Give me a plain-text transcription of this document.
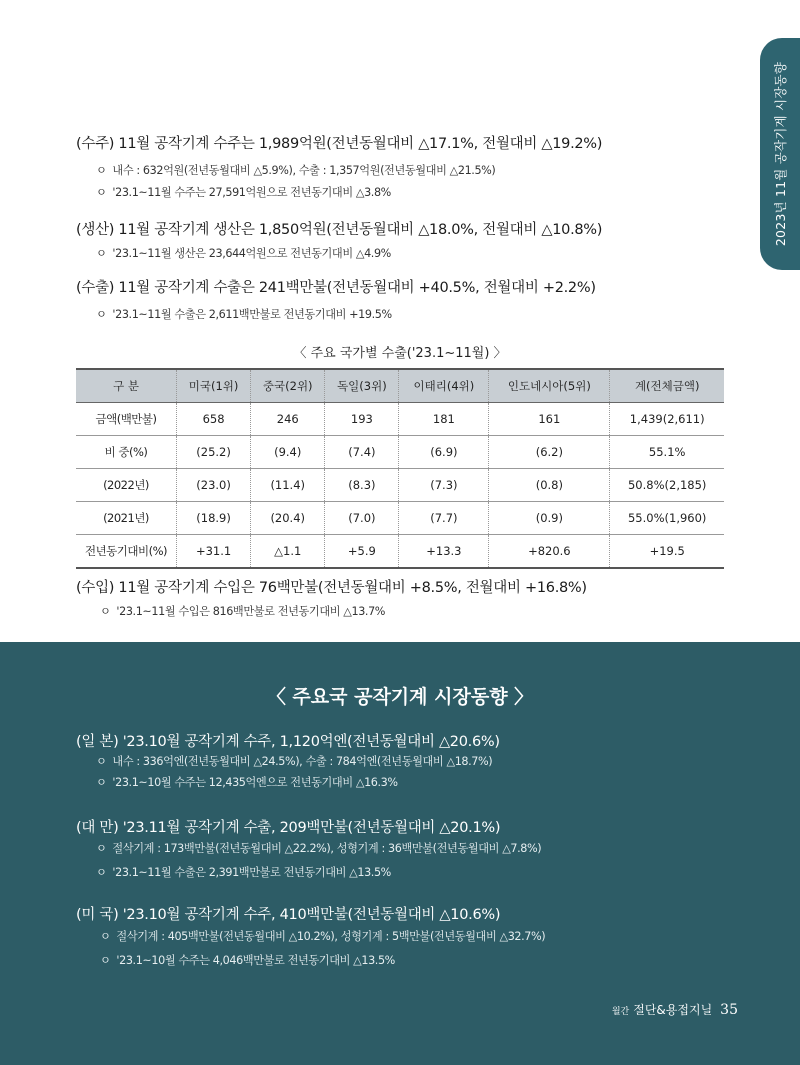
2023년 11월 공작기계 시장동향
(수주) 11월 공작기계 수주는 1,989억원(전년동월대비 △17.1%, 전월대비 △19.2%)
ㅇ 내수 : 632억원(전년동월대비 △5.9%), 수출 : 1,357억원(전년동월대비 △21.5%)
ㅇ '23.1~11월 수주는 27,591억원으로 전년동기대비 △3.8%
(생산) 11월 공작기계 생산은 1,850억원(전년동월대비 △18.0%, 전월대비 △10.8%)
ㅇ '23.1~11월 생산은 23,644억원으로 전년동기대비 △4.9%
(수출) 11월 공작기계 수출은 241백만불(전년동월대비 +40.5%, 전월대비 +2.2%)
ㅇ '23.1~11월 수출은 2,611백만불로 전년동기대비 +19.5%
〈 주요 국가별 수출('23.1~11월) 〉
구 분	미국(1위)	중국(2위)	독일(3위)	이태리(4위)	인도네시아(5위)	계(전체금액)
금액(백만불)	658	246	193	181	161	1,439(2,611)
비 중(%)	(25.2)	(9.4)	(7.4)	(6.9)	(6.2)	55.1%
(2022년)	(23.0)	(11.4)	(8.3)	(7.3)	(0.8)	50.8%(2,185)
(2021년)	(18.9)	(20.4)	(7.0)	(7.7)	(0.9)	55.0%(1,960)
전년동기대비(%)	+31.1	△1.1	+5.9	+13.3	+820.6	+19.5
(수입) 11월 공작기계 수입은 76백만불(전년동월대비 +8.5%, 전월대비 +16.8%)
ㅇ '23.1~11월 수입은 816백만불로 전년동기대비 △13.7%
〈 주요국 공작기계 시장동향 〉
(일 본) '23.10월 공작기계 수주, 1,120억엔(전년동월대비 △20.6%)
ㅇ 내수 : 336억엔(전년동월대비 △24.5%), 수출 : 784억엔(전년동월대비 △18.7%)
ㅇ '23.1~10월 수주는 12,435억엔으로 전년동기대비 △16.3%
(대 만) '23.11월 공작기계 수출, 209백만불(전년동월대비 △20.1%)
ㅇ 절삭기계 : 173백만불(전년동월대비 △22.2%), 성형기계 : 36백만불(전년동월대비 △7.8%)
ㅇ '23.1~11월 수출은 2,391백만불로 전년동기대비 △13.5%
(미 국) '23.10월 공작기계 수주, 410백만불(전년동월대비 △10.6%)
ㅇ 절삭기계 : 405백만불(전년동월대비 △10.2%), 성형기계 : 5백만불(전년동월대비 △32.7%)
ㅇ '23.1~10월 수주는 4,046백만불로 전년동기대비 △13.5%
월간 절단&용접지닐 35
